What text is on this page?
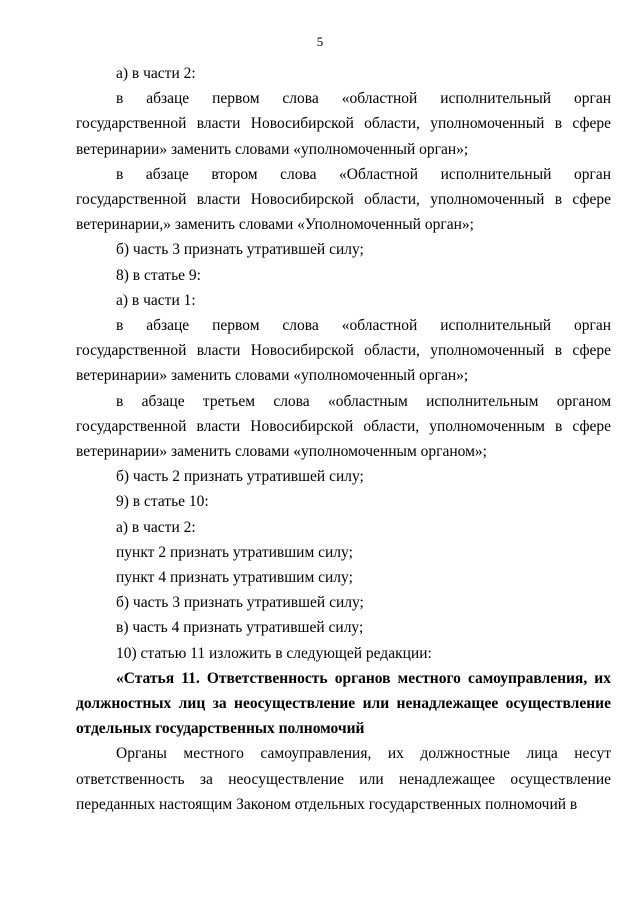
5

а) в части 2:

в абзаце первом слова «областной исполнительный орган государственной власти Новосибирской области, уполномоченный в сфере ветеринарии» заменить словами «уполномоченный орган»;

в абзаце втором слова «Областной исполнительный орган государственной власти Новосибирской области, уполномоченный в сфере ветеринарии,» заменить словами «Уполномоченный орган»;

б) часть 3 признать утратившей силу;

8) в статье 9:

а) в части 1:

в абзаце первом слова «областной исполнительный орган государственной власти Новосибирской области, уполномоченный в сфере ветеринарии» заменить словами «уполномоченный орган»;

в абзаце третьем слова «областным исполнительным органом государственной власти Новосибирской области, уполномоченным в сфере ветеринарии» заменить словами «уполномоченным органом»;

б) часть 2 признать утратившей силу;

9) в статье 10:

а) в части 2:

пункт 2 признать утратившим силу;

пункт 4 признать утратившим силу;

б) часть 3 признать утратившей силу;

в) часть 4 признать утратившей силу;

10) статью 11 изложить в следующей редакции:

«Статья 11. Ответственность органов местного самоуправления, их должностных лиц за неосуществление или ненадлежащее осуществление отдельных государственных полномочий

Органы местного самоуправления, их должностные лица несут ответственность за неосуществление или ненадлежащее осуществление переданных настоящим Законом отдельных государственных полномочий в
